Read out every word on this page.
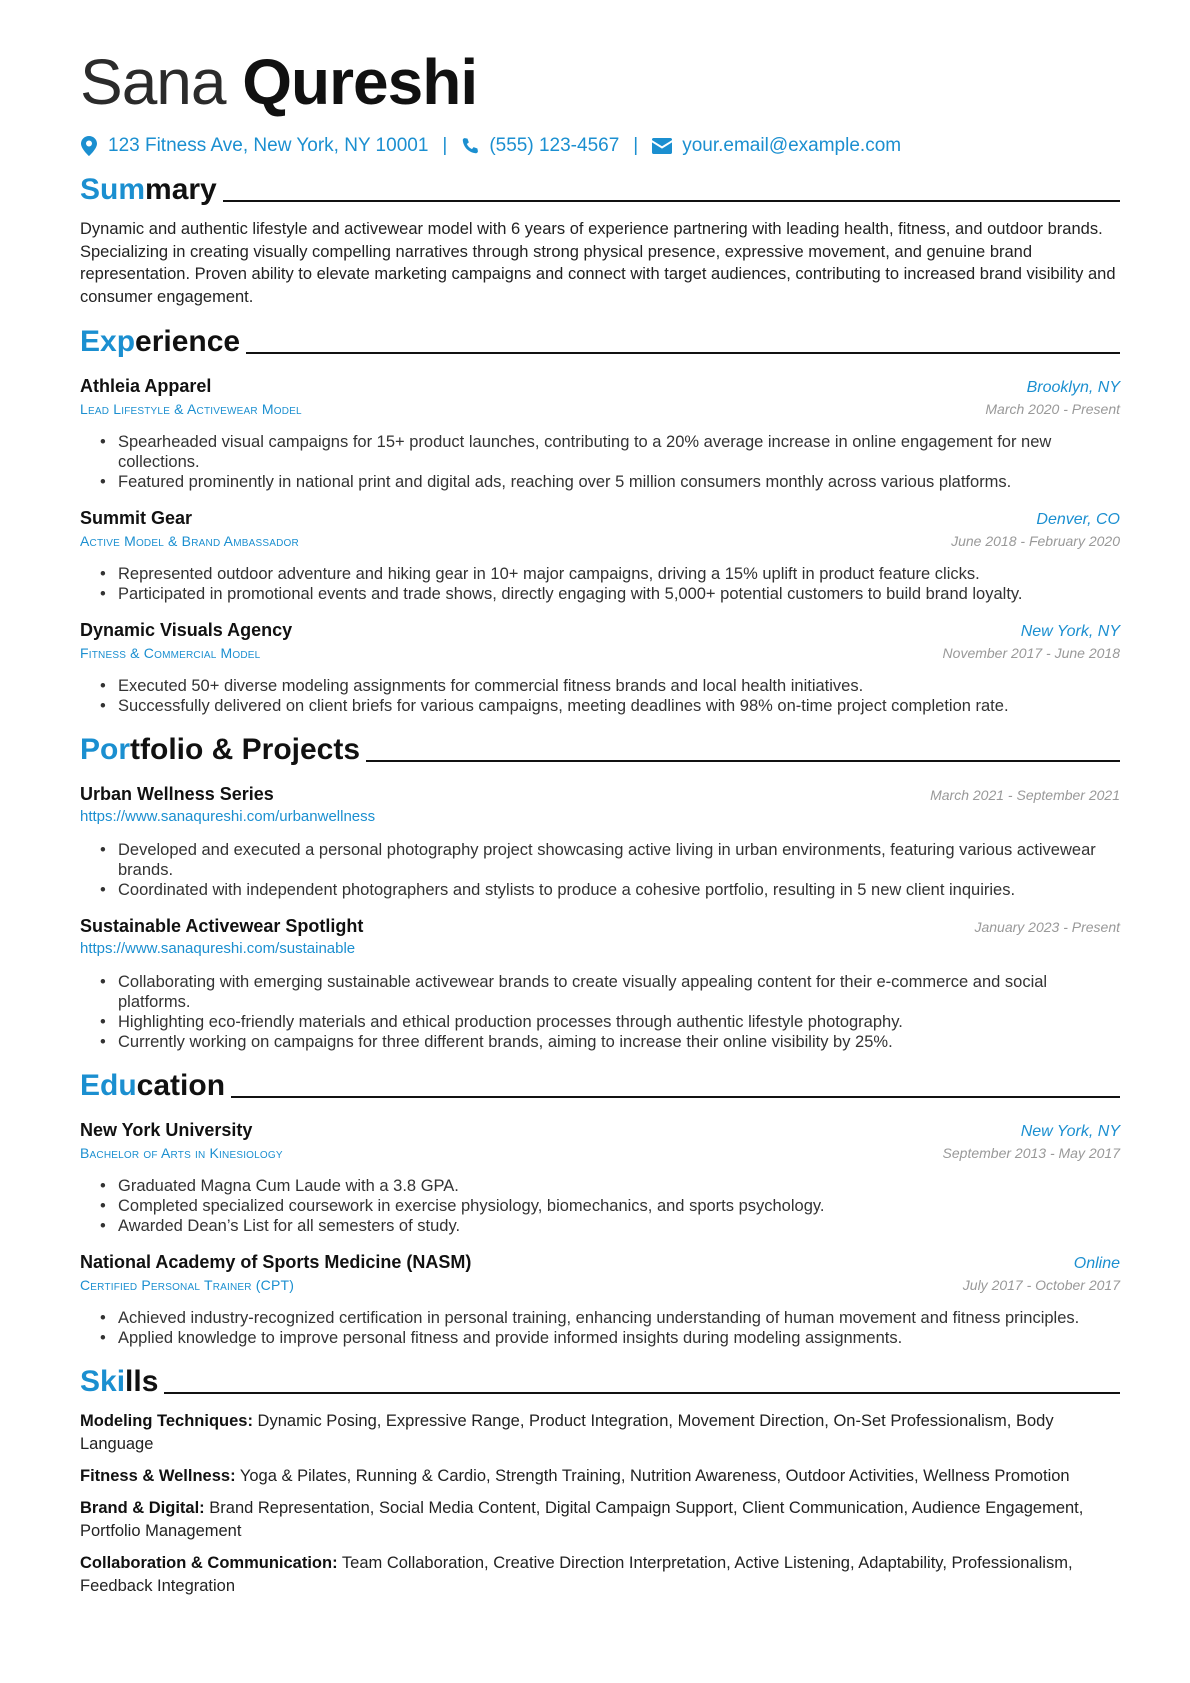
Sana Qureshi
123 Fitness Ave, New York, NY 10001 | (555) 123-4567 | your.email@example.com
Summary
Dynamic and authentic lifestyle and activewear model with 6 years of experience partnering with leading health, fitness, and outdoor brands. Specializing in creating visually compelling narratives through strong physical presence, expressive movement, and genuine brand representation. Proven ability to elevate marketing campaigns and connect with target audiences, contributing to increased brand visibility and consumer engagement.
Experience
Athleia Apparel	Brooklyn, NY
Lead Lifestyle & Activewear Model	March 2020 - Present
• Spearheaded visual campaigns for 15+ product launches, contributing to a 20% average increase in online engagement for new collections.
• Featured prominently in national print and digital ads, reaching over 5 million consumers monthly across various platforms.
Summit Gear	Denver, CO
Active Model & Brand Ambassador	June 2018 - February 2020
• Represented outdoor adventure and hiking gear in 10+ major campaigns, driving a 15% uplift in product feature clicks.
• Participated in promotional events and trade shows, directly engaging with 5,000+ potential customers to build brand loyalty.
Dynamic Visuals Agency	New York, NY
Fitness & Commercial Model	November 2017 - June 2018
• Executed 50+ diverse modeling assignments for commercial fitness brands and local health initiatives.
• Successfully delivered on client briefs for various campaigns, meeting deadlines with 98% on-time project completion rate.
Portfolio & Projects
Urban Wellness Series	March 2021 - September 2021
https://www.sanaqureshi.com/urbanwellness
• Developed and executed a personal photography project showcasing active living in urban environments, featuring various activewear brands.
• Coordinated with independent photographers and stylists to produce a cohesive portfolio, resulting in 5 new client inquiries.
Sustainable Activewear Spotlight	January 2023 - Present
https://www.sanaqureshi.com/sustainable
• Collaborating with emerging sustainable activewear brands to create visually appealing content for their e-commerce and social platforms.
• Highlighting eco-friendly materials and ethical production processes through authentic lifestyle photography.
• Currently working on campaigns for three different brands, aiming to increase their online visibility by 25%.
Education
New York University	New York, NY
Bachelor of Arts in Kinesiology	September 2013 - May 2017
• Graduated Magna Cum Laude with a 3.8 GPA.
• Completed specialized coursework in exercise physiology, biomechanics, and sports psychology.
• Awarded Dean’s List for all semesters of study.
National Academy of Sports Medicine (NASM)	Online
Certified Personal Trainer (CPT)	July 2017 - October 2017
• Achieved industry-recognized certification in personal training, enhancing understanding of human movement and fitness principles.
• Applied knowledge to improve personal fitness and provide informed insights during modeling assignments.
Skills
Modeling Techniques: Dynamic Posing, Expressive Range, Product Integration, Movement Direction, On-Set Professionalism, Body Language
Fitness & Wellness: Yoga & Pilates, Running & Cardio, Strength Training, Nutrition Awareness, Outdoor Activities, Wellness Promotion
Brand & Digital: Brand Representation, Social Media Content, Digital Campaign Support, Client Communication, Audience Engagement, Portfolio Management
Collaboration & Communication: Team Collaboration, Creative Direction Interpretation, Active Listening, Adaptability, Professionalism, Feedback Integration
